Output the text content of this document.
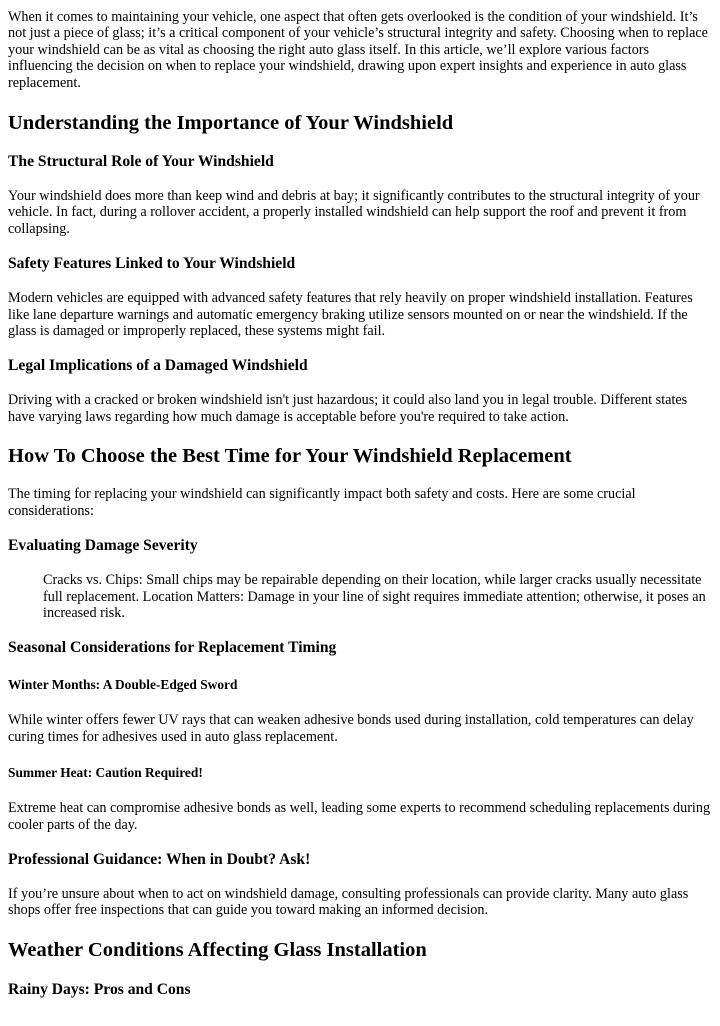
When it comes to maintaining your vehicle, one aspect that often gets overlooked is the condition of your windshield. It’s not just a piece of glass; it’s a critical component of your vehicle’s structural integrity and safety. Choosing when to replace your windshield can be as vital as choosing the right auto glass itself. In this article, we’ll explore various factors influencing the decision on when to replace your windshield, drawing upon expert insights and experience in auto glass replacement.

Understanding the Importance of Your Windshield
The Structural Role of Your Windshield

Your windshield does more than keep wind and debris at bay; it significantly contributes to the structural integrity of your vehicle. In fact, during a rollover accident, a properly installed windshield can help support the roof and prevent it from collapsing.

Safety Features Linked to Your Windshield

Modern vehicles are equipped with advanced safety features that rely heavily on proper windshield installation. Features like lane departure warnings and automatic emergency braking utilize sensors mounted on or near the windshield. If the glass is damaged or improperly replaced, these systems might fail.

Legal Implications of a Damaged Windshield

Driving with a cracked or broken windshield isn't just hazardous; it could also land you in legal trouble. Different states have varying laws regarding how much damage is acceptable before you're required to take action.

How To Choose the Best Time for Your Windshield Replacement

The timing for replacing your windshield can significantly impact both safety and costs. Here are some crucial considerations:

Evaluating Damage Severity

Cracks vs. Chips: Small chips may be repairable depending on their location, while larger cracks usually necessitate full replacement. Location Matters: Damage in your line of sight requires immediate attention; otherwise, it poses an increased risk.

Seasonal Considerations for Replacement Timing
Winter Months: A Double-Edged Sword

While winter offers fewer UV rays that can weaken adhesive bonds used during installation, cold temperatures can delay curing times for adhesives used in auto glass replacement.

Summer Heat: Caution Required!

Extreme heat can compromise adhesive bonds as well, leading some experts to recommend scheduling replacements during cooler parts of the day.

Professional Guidance: When in Doubt? Ask!

If you’re unsure about when to act on windshield damage, consulting professionals can provide clarity. Many auto glass shops offer free inspections that can guide you toward making an informed decision.

Weather Conditions Affecting Glass Installation
Rainy Days: Pros and Cons
